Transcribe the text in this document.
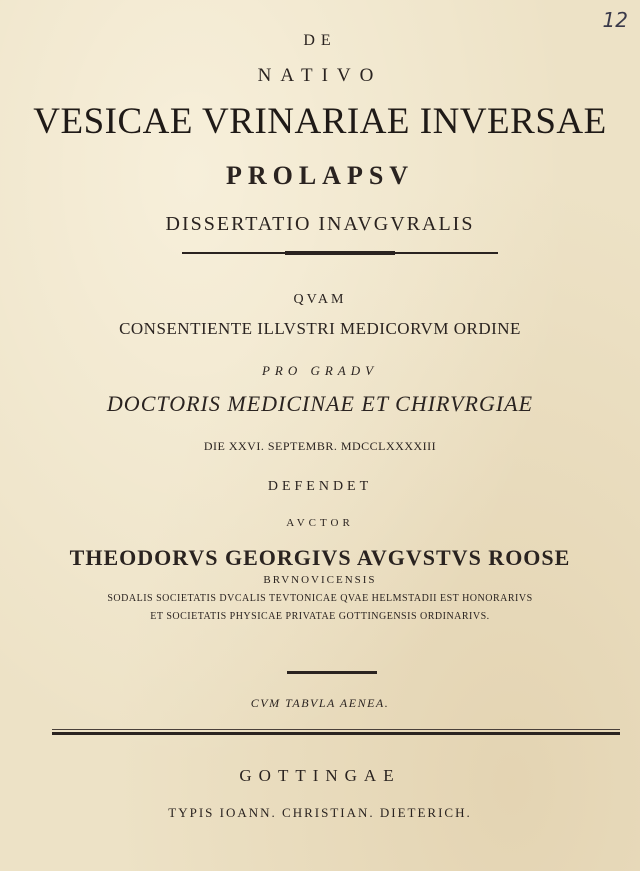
12
DE
NATIVO
VESICAE VRINARIAE INVERSAE
PROLAPSV
DISSERTATIO INAVGVRALIS
QVAM
CONSENTIENTE ILLVSTRI MEDICORVM ORDINE
PRO GRADV
DOCTORIS MEDICINAE ET CHIRVRGIAE
DIE XXVI. SEPTEMBR. MDCCLXXXXIII
DEFENDET
AVCTOR
THEODORVS GEORGIVS AVGVSTVS ROOSE
BRVNOVICENSIS
SODALIS SOCIETATIS DVCALIS TEVTONICAE QVAE HELMSTADII EST HONORARIVS
ET SOCIETATIS PHYSICAE PRIVATAE GOTTINGENSIS ORDINARIVS.
CVM TABVLA AENEA.
GOTTINGAE
TYPIS IOANN. CHRISTIAN. DIETERICH.
